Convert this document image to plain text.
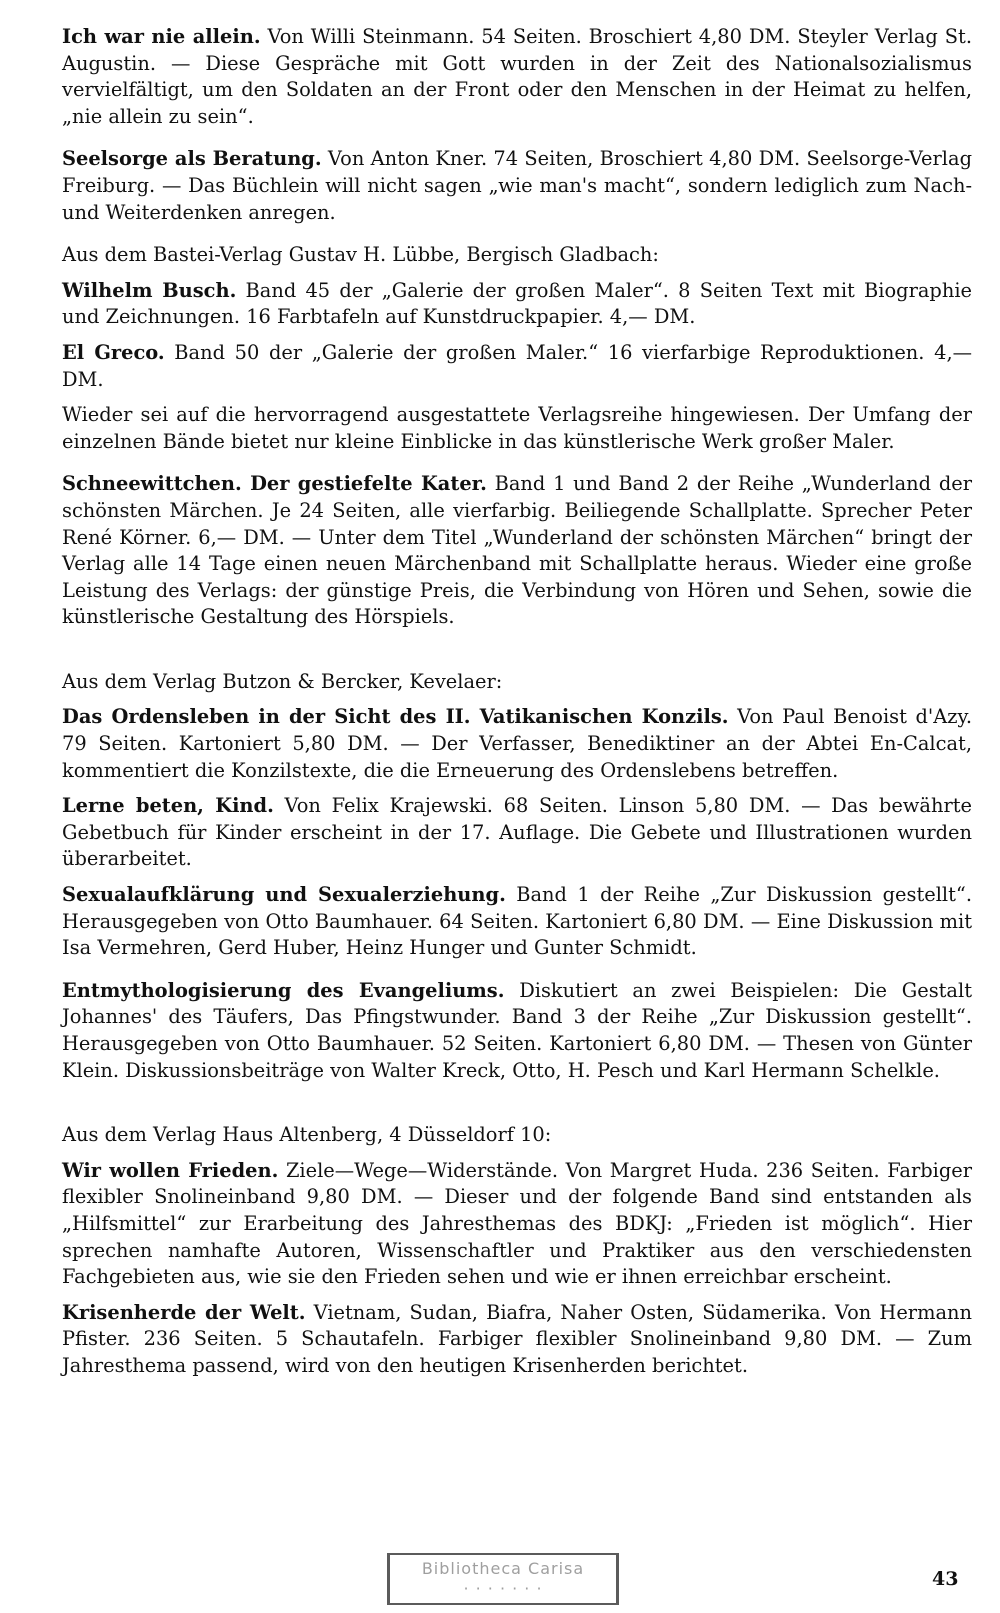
Ich war nie allein. Von Willi Steinmann. 54 Seiten. Broschiert 4,80 DM. Steyler Verlag St. Augustin. — Diese Gespräche mit Gott wurden in der Zeit des Nationalsozialismus vervielfältigt, um den Soldaten an der Front oder den Menschen in der Heimat zu helfen, „nie allein zu sein“.

Seelsorge als Beratung. Von Anton Kner. 74 Seiten, Broschiert 4,80 DM. Seelsorge-Verlag Freiburg. — Das Büchlein will nicht sagen „wie man's macht“, sondern lediglich zum Nach- und Weiterdenken anregen.

Aus dem Bastei-Verlag Gustav H. Lübbe, Bergisch Gladbach:

Wilhelm Busch. Band 45 der „Galerie der großen Maler“. 8 Seiten Text mit Biographie und Zeichnungen. 16 Farbtafeln auf Kunstdruckpapier. 4,— DM.

El Greco. Band 50 der „Galerie der großen Maler.“ 16 vierfarbige Reproduktionen. 4,— DM.

Wieder sei auf die hervorragend ausgestattete Verlagsreihe hingewiesen. Der Umfang der einzelnen Bände bietet nur kleine Einblicke in das künstlerische Werk großer Maler.

Schneewittchen. Der gestiefelte Kater. Band 1 und Band 2 der Reihe „Wunderland der schönsten Märchen. Je 24 Seiten, alle vierfarbig. Beiliegende Schallplatte. Sprecher Peter René Körner. 6,— DM. — Unter dem Titel „Wunderland der schönsten Märchen“ bringt der Verlag alle 14 Tage einen neuen Märchenband mit Schallplatte heraus. Wieder eine große Leistung des Verlags: der günstige Preis, die Verbindung von Hören und Sehen, sowie die künstlerische Gestaltung des Hörspiels.

Aus dem Verlag Butzon & Bercker, Kevelaer:

Das Ordensleben in der Sicht des II. Vatikanischen Konzils. Von Paul Benoist d'Azy. 79 Seiten. Kartoniert 5,80 DM. — Der Verfasser, Benediktiner an der Abtei En-Calcat, kommentiert die Konzilstexte, die die Erneuerung des Ordenslebens betreffen.

Lerne beten, Kind. Von Felix Krajewski. 68 Seiten. Linson 5,80 DM. — Das bewährte Gebetbuch für Kinder erscheint in der 17. Auflage. Die Gebete und Illustrationen wurden überarbeitet.

Sexualaufklärung und Sexualerziehung. Band 1 der Reihe „Zur Diskussion gestellt“. Herausgegeben von Otto Baumhauer. 64 Seiten. Kartoniert 6,80 DM. — Eine Diskussion mit Isa Vermehren, Gerd Huber, Heinz Hunger und Gunter Schmidt.

Entmythologisierung des Evangeliums. Diskutiert an zwei Beispielen: Die Gestalt Johannes' des Täufers, Das Pfingstwunder. Band 3 der Reihe „Zur Diskussion gestellt“. Herausgegeben von Otto Baumhauer. 52 Seiten. Kartoniert 6,80 DM. — Thesen von Günter Klein. Diskussionsbeiträge von Walter Kreck, Otto, H. Pesch und Karl Hermann Schelkle.

Aus dem Verlag Haus Altenberg, 4 Düsseldorf 10:

Wir wollen Frieden. Ziele—Wege—Widerstände. Von Margret Huda. 236 Seiten. Farbiger flexibler Snolineinband 9,80 DM. — Dieser und der folgende Band sind entstanden als „Hilfsmittel“ zur Erarbeitung des Jahresthemas des BDKJ: „Frieden ist möglich“. Hier sprechen namhafte Autoren, Wissenschaftler und Praktiker aus den verschiedensten Fachgebieten aus, wie sie den Frieden sehen und wie er ihnen erreichbar erscheint.

Krisenherde der Welt. Vietnam, Sudan, Biafra, Naher Osten, Südamerika. Von Hermann Pfister. 236 Seiten. 5 Schautafeln. Farbiger flexibler Snolineinband 9,80 DM. — Zum Jahresthema passend, wird von den heutigen Krisenherden berichtet.

Bibliotheca Carisa
· · · · · · ·	43
